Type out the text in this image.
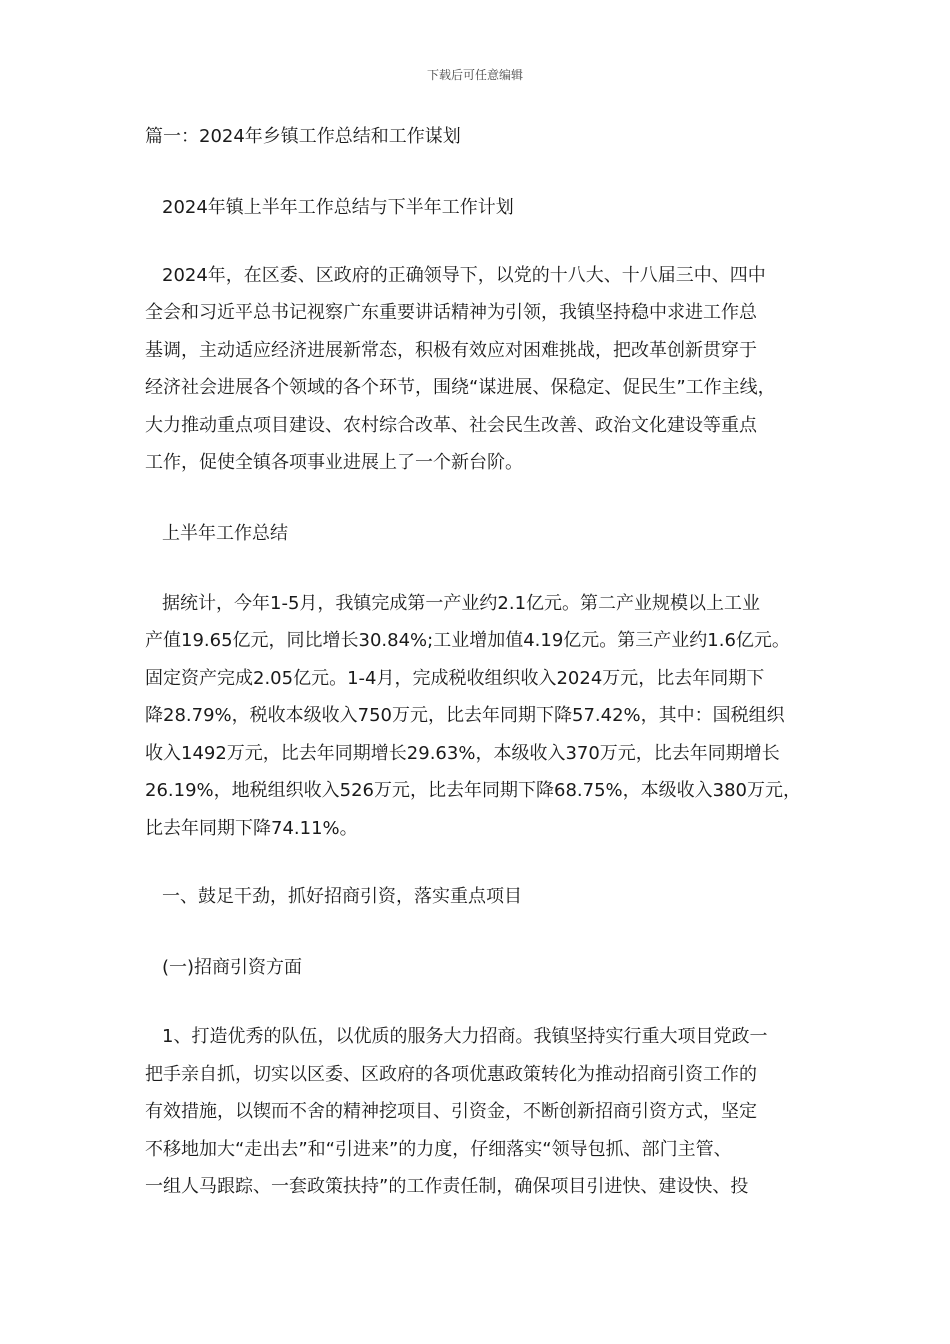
下载后可任意编辑

篇一：2024年乡镇工作总结和工作谋划

2024年镇上半年工作总结与下半年工作计划

2024年，在区委、区政府的正确领导下，以党的十八大、十八届三中、四中

全会和习近平总书记视察广东重要讲话精神为引领，我镇坚持稳中求进工作总

基调，主动适应经济进展新常态，积极有效应对困难挑战，把改革创新贯穿于

经济社会进展各个领域的各个环节，围绕“谋进展、保稳定、促民生”工作主线，

大力推动重点项目建设、农村综合改革、社会民生改善、政治文化建设等重点

工作，促使全镇各项事业进展上了一个新台阶。

上半年工作总结

据统计，今年1-5月，我镇完成第一产业约2.1亿元。第二产业规模以上工业

产值19.65亿元，同比增长30.84%;工业增加值4.19亿元。第三产业约1.6亿元。

固定资产完成2.05亿元。1-4月，完成税收组织收入2024万元，比去年同期下

降28.79%，税收本级收入750万元，比去年同期下降57.42%，其中：国税组织

收入1492万元，比去年同期增长29.63%，本级收入370万元，比去年同期增长

26.19%，地税组织收入526万元，比去年同期下降68.75%，本级收入380万元，

比去年同期下降74.11%。

一、鼓足干劲，抓好招商引资，落实重点项目

(一)招商引资方面

1、打造优秀的队伍，以优质的服务大力招商。我镇坚持实行重大项目党政一

把手亲自抓，切实以区委、区政府的各项优惠政策转化为推动招商引资工作的

有效措施，以锲而不舍的精神挖项目、引资金，不断创新招商引资方式，坚定

不移地加大“走出去”和“引进来”的力度，仔细落实“领导包抓、部门主管、

一组人马跟踪、一套政策扶持”的工作责任制，确保项目引进快、建设快、投
